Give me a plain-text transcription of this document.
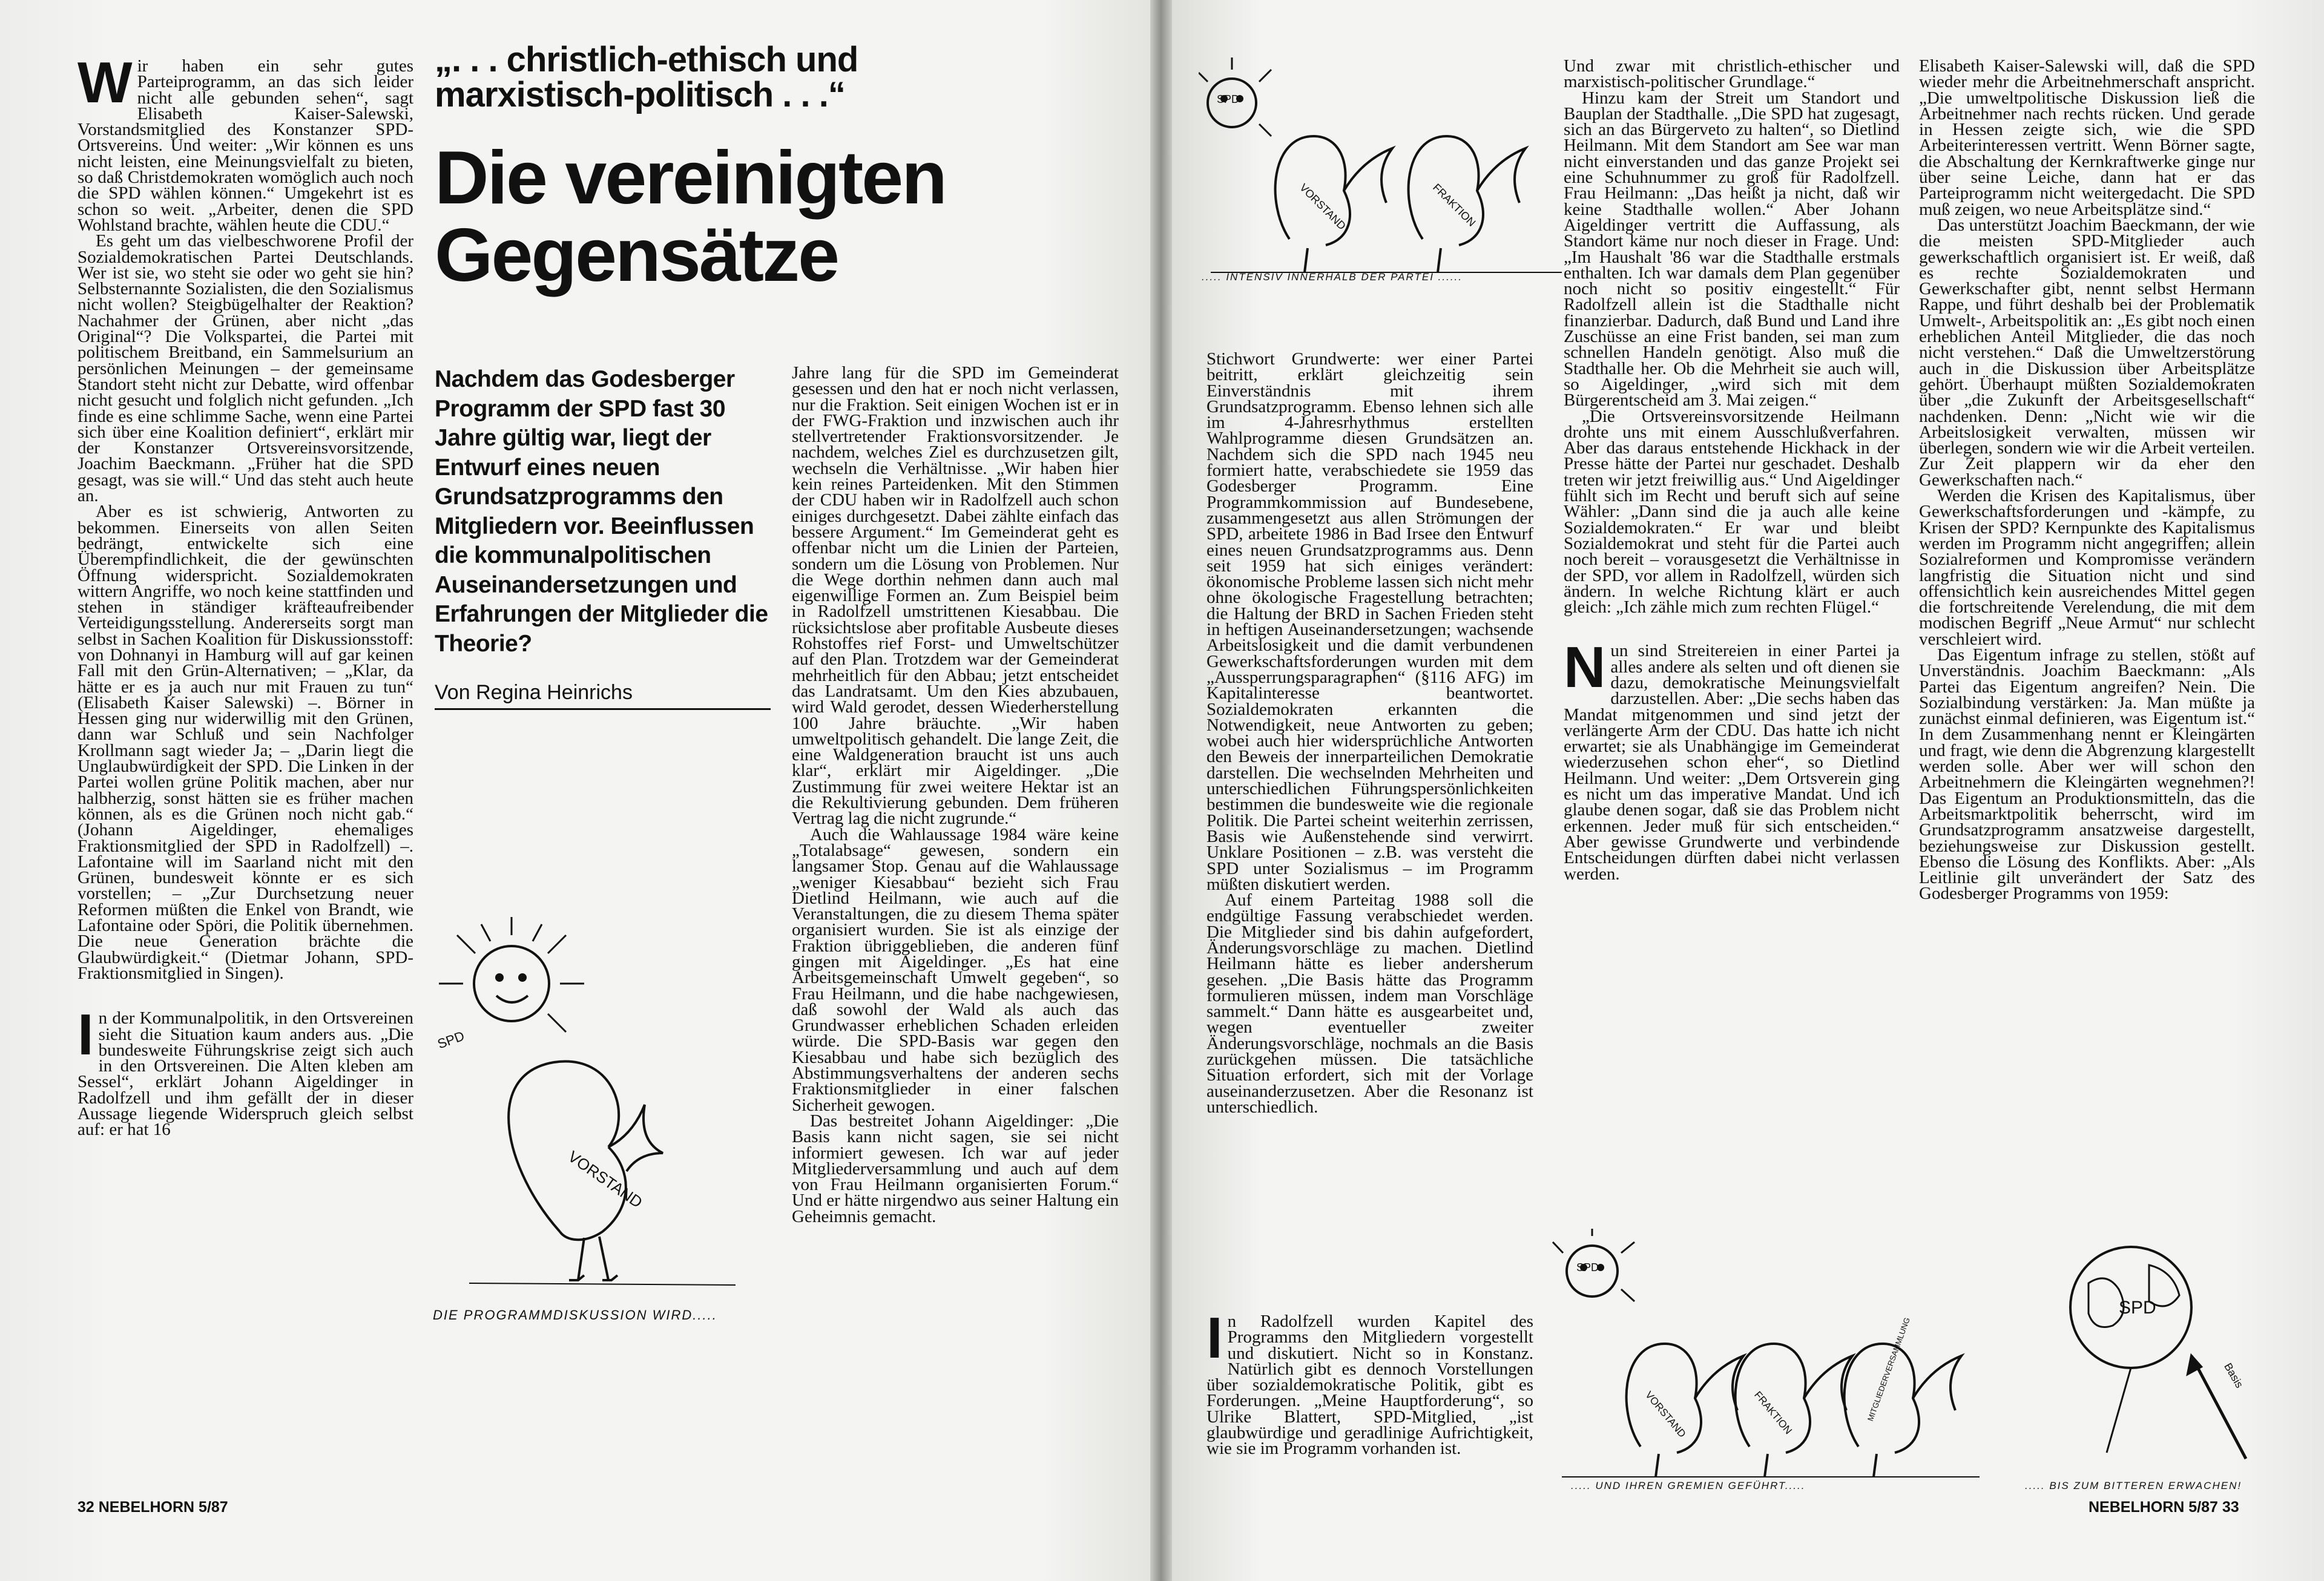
W ir haben ein sehr gutes Parteiprogramm, an das sich leider nicht alle gebunden sehen“, sagt Elisabeth Kaiser-Salewski, Vorstandsmitglied des Konstanzer SPD-Ortsvereins. Und weiter: „Wir können es uns nicht leisten, eine Meinungsvielfalt zu bieten, so daß Christdemokraten womöglich auch noch die SPD wählen können.“ Umgekehrt ist es schon so weit. „Arbeiter, denen die SPD Wohlstand brachte, wählen heute die CDU.“

Es geht um das vielbeschworene Profil der Sozialdemokratischen Partei Deutschlands. Wer ist sie, wo steht sie oder wo geht sie hin? Selbsternannte Sozialisten, die den Sozialismus nicht wollen? Steigbügelhalter der Reaktion? Nachahmer der Grünen, aber nicht „das Original“? Die Volkspartei, die Partei mit politischem Breitband, ein Sammelsurium an persönlichen Meinungen – der gemeinsame Standort steht nicht zur Debatte, wird offenbar nicht gesucht und folglich nicht gefunden. „Ich finde es eine schlimme Sache, wenn eine Partei sich über eine Koalition definiert“, erklärt mir der Konstanzer Ortsvereinsvorsitzende, Joachim Baeckmann. „Früher hat die SPD gesagt, was sie will.“ Und das steht auch heute an.

Aber es ist schwierig, Antworten zu bekommen. Einerseits von allen Seiten bedrängt, entwickelte sich eine Überempfindlichkeit, die der gewünschten Öffnung widerspricht. Sozialdemokraten wittern Angriffe, wo noch keine stattfinden und stehen in ständiger kräfteaufreibender Verteidigungsstellung. Andererseits sorgt man selbst in Sachen Koalition für Diskussionsstoff: von Dohnanyi in Hamburg will auf gar keinen Fall mit den Grün-Alternativen; – „Klar, da hätte er es ja auch nur mit Frauen zu tun“ (Elisabeth Kaiser Salewski) –. Börner in Hessen ging nur widerwillig mit den Grünen, dann war Schluß und sein Nachfolger Krollmann sagt wieder Ja; – „Darin liegt die Unglaubwürdigkeit der SPD. Die Linken in der Partei wollen grüne Politik machen, aber nur halbherzig, sonst hätten sie es früher machen können, als es die Grünen noch nicht gab.“ (Johann Aigeldinger, ehemaliges Fraktionsmitglied der SPD in Radolfzell) –. Lafontaine will im Saarland nicht mit den Grünen, bundesweit könnte er es sich vorstellen; – „Zur Durchsetzung neuer Reformen müßten die Enkel von Brandt, wie Lafontaine oder Spöri, die Politik übernehmen. Die neue Generation brächte die Glaubwürdigkeit.“ (Dietmar Johann, SPD-Fraktionsmitglied in Singen).

I n der Kommunalpolitik, in den Ortsvereinen sieht die Situation kaum anders aus. „Die bundesweite Führungskrise zeigt sich auch in den Ortsvereinen. Die Alten kleben am Sessel“, erklärt Johann Aigeldinger in Radolfzell und ihm gefällt der in dieser Aussage liegende Widerspruch gleich selbst auf: er hat 16

„. . . christlich-ethisch und marxistisch-politisch . . .“
Die vereinigten Gegensätze
Nachdem das Godesberger Programm der SPD fast 30 Jahre gültig war, liegt der Entwurf eines neuen Grundsatzprogramms den Mitgliedern vor. Beeinflussen die kommunalpolitischen Auseinandersetzungen und Erfahrungen der Mitglieder die Theorie?
Von Regina Heinrichs
SPD
VORSTAND
DIE PROGRAMMDISKUSSION WIRD.....

Jahre lang für die SPD im Gemeinderat gesessen und den hat er noch nicht verlassen, nur die Fraktion. Seit einigen Wochen ist er in der FWG-Fraktion und inzwischen auch ihr stellvertretender Fraktionsvorsitzender. Je nachdem, welches Ziel es durchzusetzen gilt, wechseln die Verhältnisse. „Wir haben hier kein reines Parteidenken. Mit den Stimmen der CDU haben wir in Radolfzell auch schon einiges durchgesetzt. Dabei zählte einfach das bessere Argument.“ Im Gemeinderat geht es offenbar nicht um die Linien der Parteien, sondern um die Lösung von Problemen. Nur die Wege dorthin nehmen dann auch mal eigenwillige Formen an. Zum Beispiel beim in Radolfzell umstrittenen Kiesabbau. Die rücksichtslose aber profitable Ausbeute dieses Rohstoffes rief Forst- und Umweltschützer auf den Plan. Trotzdem war der Gemeinderat mehrheitlich für den Abbau; jetzt entscheidet das Landratsamt. Um den Kies abzubauen, wird Wald gerodet, dessen Wiederherstellung 100 Jahre bräuchte. „Wir haben umweltpolitisch gehandelt. Die lange Zeit, die eine Waldgeneration braucht ist uns auch klar“, erklärt mir Aigeldinger. „Die Zustimmung für zwei weitere Hektar ist an die Rekultivierung gebunden. Dem früheren Vertrag lag die nicht zugrunde.“

Auch die Wahlaussage 1984 wäre keine „Totalabsage“ gewesen, sondern ein langsamer Stop. Genau auf die Wahlaussage „weniger Kiesabbau“ bezieht sich Frau Dietlind Heilmann, wie auch auf die Veranstaltungen, die zu diesem Thema später organisiert wurden. Sie ist als einzige der Fraktion übriggeblieben, die anderen fünf gingen mit Aigeldinger. „Es hat eine Arbeitsgemeinschaft Umwelt gegeben“, so Frau Heilmann, und die habe nachgewiesen, daß sowohl der Wald als auch das Grundwasser erheblichen Schaden erleiden würde. Die SPD-Basis war gegen den Kiesabbau und habe sich bezüglich des Abstimmungsverhaltens der anderen sechs Fraktionsmitglieder in einer falschen Sicherheit gewogen.

Das bestreitet Johann Aigeldinger: „Die Basis kann nicht sagen, sie sei nicht informiert gewesen. Ich war auf jeder Mitgliederversammlung und auch auf dem von Frau Heilmann organisierten Forum.“ Und er hätte nirgendwo aus seiner Haltung ein Geheimnis gemacht.

32 NEBELHORN 5/87
SPD
VORSTAND	FRAKTION
..... INTENSIV INNERHALB DER PARTEI ......

Stichwort Grundwerte: wer einer Partei beitritt, erklärt gleichzeitig sein Einverständnis mit ihrem Grundsatzprogramm. Ebenso lehnen sich alle im 4-Jahresrhythmus erstellten Wahlprogramme diesen Grundsätzen an. Nachdem sich die SPD nach 1945 neu formiert hatte, verabschiedete sie 1959 das Godesberger Programm. Eine Programmkommission auf Bundesebene, zusammengesetzt aus allen Strömungen der SPD, arbeitete 1986 in Bad Irsee den Entwurf eines neuen Grundsatzprogramms aus. Denn seit 1959 hat sich einiges verändert: ökonomische Probleme lassen sich nicht mehr ohne ökologische Fragestellung betrachten; die Haltung der BRD in Sachen Frieden steht in heftigen Auseinandersetzungen; wachsende Arbeitslosigkeit und die damit verbundenen Gewerkschaftsforderungen wurden mit dem „Aussperrungsparagraphen“ (§116 AFG) im Kapitalinteresse beantwortet. Sozialdemokraten erkannten die Notwendigkeit, neue Antworten zu geben; wobei auch hier widersprüchliche Antworten den Beweis der innerparteilichen Demokratie darstellen. Die wechselnden Mehrheiten und unterschiedlichen Führungspersönlichkeiten bestimmen die bundesweite wie die regionale Politik. Die Partei scheint weiterhin zerrissen, Basis wie Außenstehende sind verwirrt. Unklare Positionen – z.B. was versteht die SPD unter Sozialismus – im Programm müßten diskutiert werden.

Auf einem Parteitag 1988 soll die endgültige Fassung verabschiedet werden. Die Mitglieder sind bis dahin aufgefordert, Änderungsvorschläge zu machen. Dietlind Heilmann hätte es lieber andersherum gesehen. „Die Basis hätte das Programm formulieren müssen, indem man Vorschläge sammelt.“ Dann hätte es ausgearbeitet und, wegen eventueller zweiter Änderungsvorschläge, nochmals an die Basis zurückgehen müssen. Die tatsächliche Situation erfordert, sich mit der Vorlage auseinanderzusetzen. Aber die Resonanz ist unterschiedlich.

I n Radolfzell wurden Kapitel des Programms den Mitgliedern vorgestellt und diskutiert. Nicht so in Konstanz. Natürlich gibt es dennoch Vorstellungen über sozialdemokratische Politik, gibt es Forderungen. „Meine Hauptforderung“, so Ulrike Blattert, SPD-Mitglied, „ist glaubwürdige und geradlinige Aufrichtigkeit, wie sie im Programm vorhanden ist.

Und zwar mit christlich-ethischer und marxistisch-politischer Grundlage.“

Hinzu kam der Streit um Standort und Bauplan der Stadthalle. „Die SPD hat zugesagt, sich an das Bürgerveto zu halten“, so Dietlind Heilmann. Mit dem Standort am See war man nicht einverstanden und das ganze Projekt sei eine Schuhnummer zu groß für Radolfzell. Frau Heilmann: „Das heißt ja nicht, daß wir keine Stadthalle wollen.“ Aber Johann Aigeldinger vertritt die Auffassung, als Standort käme nur noch dieser in Frage. Und: „Im Haushalt '86 war die Stadthalle erstmals enthalten. Ich war damals dem Plan gegenüber noch nicht so positiv eingestellt.“ Für Radolfzell allein ist die Stadthalle nicht finanzierbar. Dadurch, daß Bund und Land ihre Zuschüsse an eine Frist banden, sei man zum schnellen Handeln genötigt. Also muß die Stadthalle her. Ob die Mehrheit sie auch will, so Aigeldinger, „wird sich mit dem Bürgerentscheid am 3. Mai zeigen.“

„Die Ortsvereinsvorsitzende Heilmann drohte uns mit einem Ausschlußverfahren. Aber das daraus entstehende Hickhack in der Presse hätte der Partei nur geschadet. Deshalb treten wir jetzt freiwillig aus.“ Und Aigeldinger fühlt sich im Recht und beruft sich auf seine Wähler: „Dann sind die ja auch alle keine Sozialdemokraten.“ Er war und bleibt Sozialdemokrat und steht für die Partei auch noch bereit – vorausgesetzt die Verhältnisse in der SPD, vor allem in Radolfzell, würden sich ändern. In welche Richtung klärt er auch gleich: „Ich zähle mich zum rechten Flügel.“

N un sind Streitereien in einer Partei ja alles andere als selten und oft dienen sie dazu, demokratische Meinungsvielfalt darzustellen. Aber: „Die sechs haben das Mandat mitgenommen und sind jetzt der verlängerte Arm der CDU. Das hatte ich nicht erwartet; sie als Unabhängige im Gemeinderat wiederzusehen schon eher“, so Dietlind Heilmann. Und weiter: „Dem Ortsverein ging es nicht um das imperative Mandat. Und ich glaube denen sogar, daß sie das Problem nicht erkennen. Jeder muß für sich entscheiden.“ Aber gewisse Grundwerte und verbindende Entscheidungen dürften dabei nicht verlassen werden.

Elisabeth Kaiser-Salewski will, daß die SPD wieder mehr die Arbeitnehmerschaft anspricht. „Die umweltpolitische Diskussion ließ die Arbeitnehmer nach rechts rücken. Und gerade in Hessen zeigte sich, wie die SPD Arbeiterinteressen vertritt. Wenn Börner sagte, die Abschaltung der Kernkraftwerke ginge nur über seine Leiche, dann hat er das Parteiprogramm nicht weitergedacht. Die SPD muß zeigen, wo neue Arbeitsplätze sind.“

Das unterstützt Joachim Baeckmann, der wie die meisten SPD-Mitglieder auch gewerkschaftlich organisiert ist. Er weiß, daß es rechte Sozialdemokraten und Gewerkschafter gibt, nennt selbst Hermann Rappe, und führt deshalb bei der Problematik Umwelt-, Arbeitspolitik an: „Es gibt noch einen erheblichen Anteil Mitglieder, die das noch nicht verstehen.“ Daß die Umweltzerstörung auch in die Diskussion über Arbeitsplätze gehört. Überhaupt müßten Sozialdemokraten über „die Zukunft der Arbeitsgesellschaft“ nachdenken. Denn: „Nicht wie wir die Arbeitslosigkeit verwalten, müssen wir überlegen, sondern wie wir die Arbeit verteilen. Zur Zeit plappern wir da eher den Gewerkschaften nach.“

Werden die Krisen des Kapitalismus, über Gewerkschaftsforderungen und -kämpfe, zu Krisen der SPD? Kernpunkte des Kapitalismus werden im Programm nicht angegriffen; allein Sozialreformen und Kompromisse verändern langfristig die Situation nicht und sind offensichtlich kein ausreichendes Mittel gegen die fortschreitende Verelendung, die mit dem modischen Begriff „Neue Armut“ nur schlecht verschleiert wird.

Das Eigentum infrage zu stellen, stößt auf Unverständnis. Joachim Baeckmann: „Als Partei das Eigentum angreifen? Nein. Die Sozialbindung verstärken: Ja. Man müßte ja zunächst einmal definieren, was Eigentum ist.“ In dem Zusammenhang nennt er Kleingärten und fragt, wie denn die Abgrenzung klargestellt werden solle. Aber wer will schon den Arbeitnehmern die Kleingärten wegnehmen?! Das Eigentum an Produktionsmitteln, das die Arbeitsmarktpolitik beherrscht, wird im Grundsatzprogramm ansatzweise dargestellt, beziehungsweise zur Diskussion gestellt. Ebenso die Lösung des Konflikts. Aber: „Als Leitlinie gilt unverändert der Satz des Godesberger Programms von 1959:

SPD
VORSTAND	FRAKTION	MITGLIEDERVERSAMMLUNG
..... UND IHREN GREMIEN GEFÜHRT.....
SPD
Basis
..... BIS ZUM BITTEREN ERWACHEN!
NEBELHORN 5/87 33
